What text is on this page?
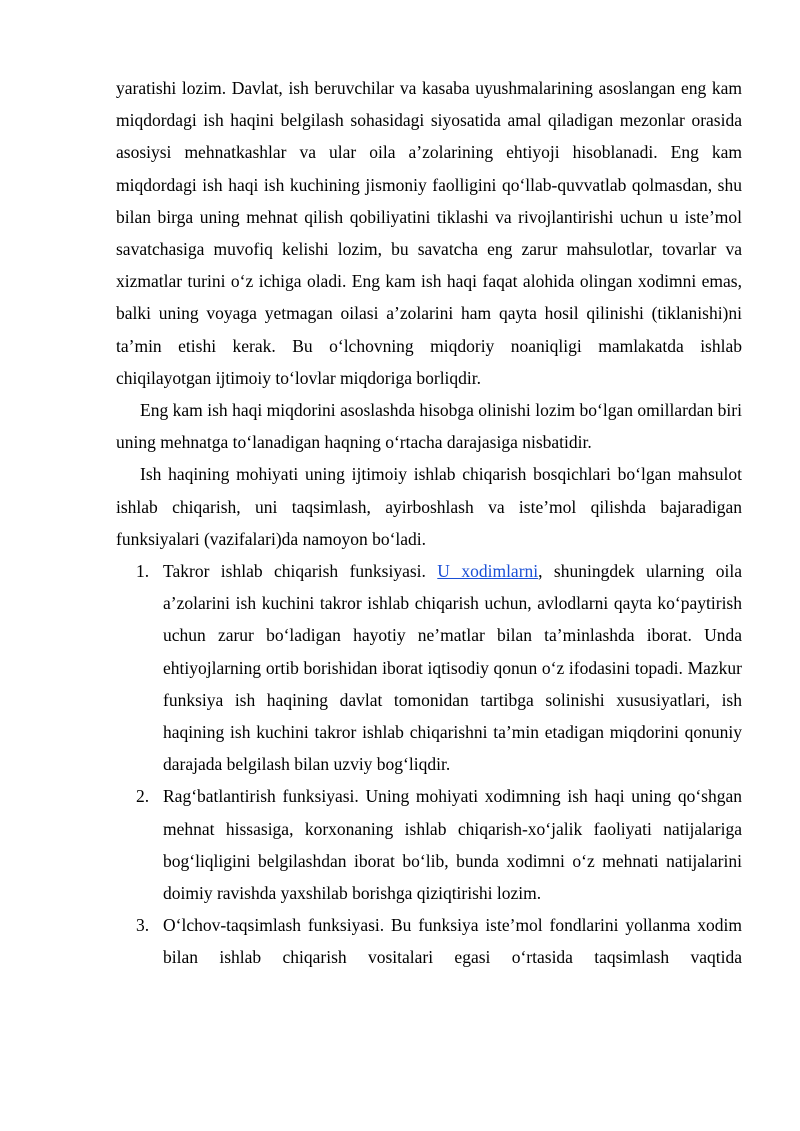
yaratishi lozim. Davlat, ish beruvchilar va kasaba uyushmalarining asoslangan eng kam miqdordagi ish haqini belgilash sohasidagi siyosatida amal qiladigan mezonlar orasida asosiysi mehnatkashlar va ular oila a’zolarining ehtiyoji hisoblanadi. Eng kam miqdordagi ish haqi ish kuchining jismoniy faolligini qo‘llab-quvvatlab qolmasdan, shu bilan birga uning mehnat qilish qobiliyatini tiklashi va rivojlantirishi uchun u iste’mol savatchasiga muvofiq kelishi lozim, bu savatcha eng zarur mahsulotlar, tovarlar va xizmatlar turini o‘z ichiga oladi. Eng kam ish haqi faqat alohida olingan xodimni emas, balki uning voyaga yetmagan oilasi a’zolarini ham qayta hosil qilinishi (tiklanishi)ni ta’min etishi kerak. Bu o‘lchovning miqdoriy noaniqligi mamlakatda ishlab chiqilayotgan ijtimoiy to‘lovlar miqdoriga borliqdir.

Eng kam ish haqi miqdorini asoslashda hisobga olinishi lozim bo‘lgan omillardan biri uning mehnatga to‘lanadigan haqning o‘rtacha darajasiga nisbatidir.

Ish haqining mohiyati uning ijtimoiy ishlab chiqarish bosqichlari bo‘lgan mahsulot ishlab chiqarish, uni taqsimlash, ayirboshlash va iste’mol qilishda bajaradigan funksiyalari (vazifalari)da namoyon bo‘ladi.

1. Takror ishlab chiqarish funksiyasi. U xodimlarni, shuningdek ularning oila a’zolarini ish kuchini takror ishlab chiqarish uchun, avlodlarni qayta ko‘paytirish uchun zarur bo‘ladigan hayotiy ne’matlar bilan ta’minlashda iborat. Unda ehtiyojlarning ortib borishidan iborat iqtisodiy qonun o‘z ifodasini topadi. Mazkur funksiya ish haqining davlat tomonidan tartibga solinishi xususiyatlari, ish haqining ish kuchini takror ishlab chiqarishni ta’min etadigan miqdorini qonuniy darajada belgilash bilan uzviy bog‘liqdir.
2. Rag‘batlantirish funksiyasi. Uning mohiyati xodimning ish haqi uning qo‘shgan mehnat hissasiga, korxonaning ishlab chiqarish-xo‘jalik faoliyati natijalariga bog‘liqligini belgilashdan iborat bo‘lib, bunda xodimni o‘z mehnati natijalarini doimiy ravishda yaxshilab borishga qiziqtirishi lozim.
3. O‘lchov-taqsimlash funksiyasi. Bu funksiya iste’mol fondlarini yollanma xodim bilan ishlab chiqarish vositalari egasi o‘rtasida taqsimlash vaqtida
